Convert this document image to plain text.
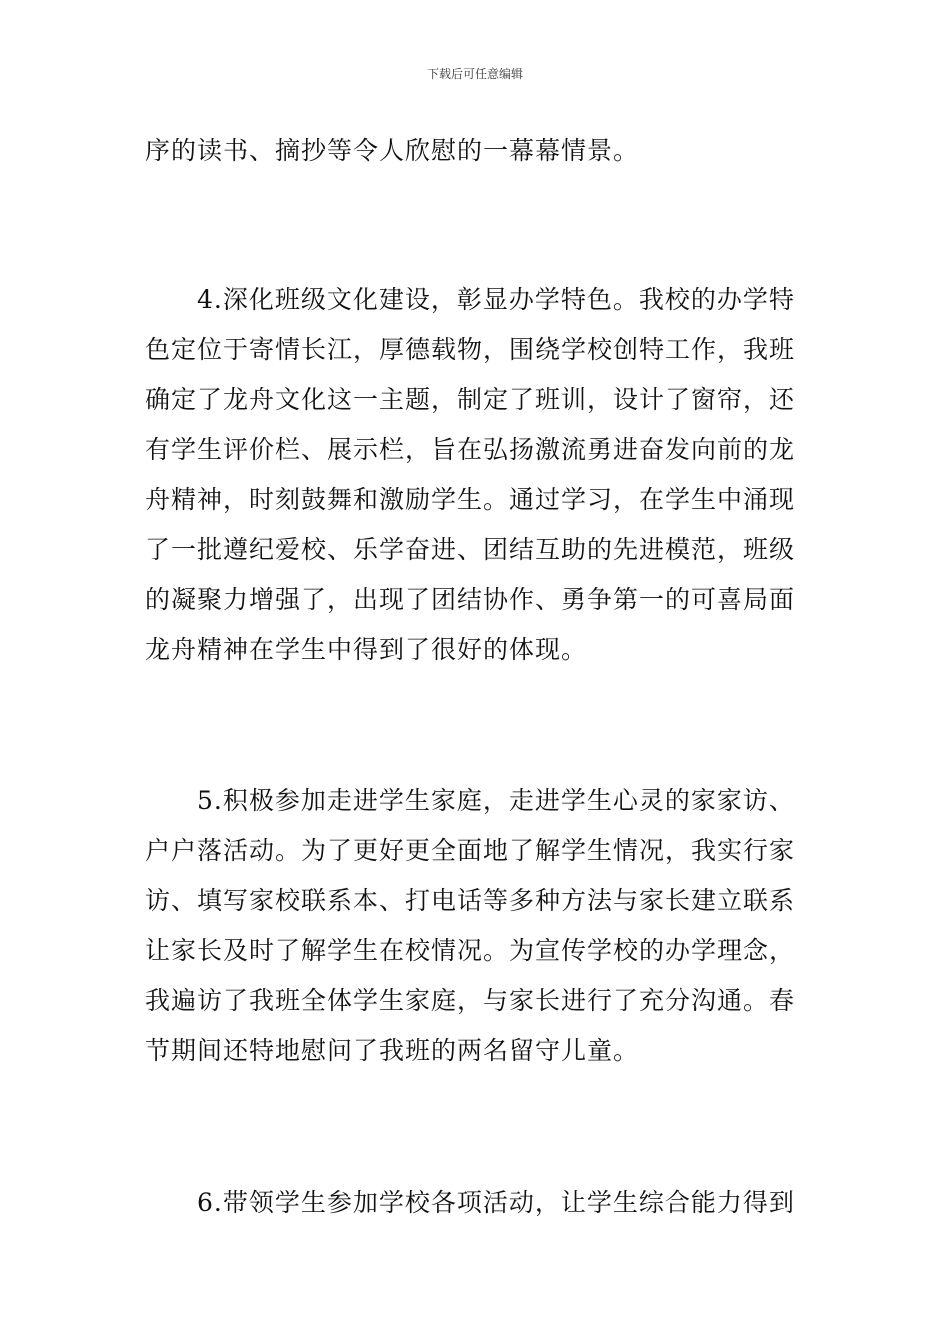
下载后可任意编辑
序的读书、摘抄等令人欣慰的一幕幕情景。
4.深化班级文化建设，彰显办学特色。我校的办学特
色定位于寄情长江，厚德载物，围绕学校创特工作，我班
确定了龙舟文化这一主题，制定了班训，设计了窗帘，还
有学生评价栏、展示栏，旨在弘扬激流勇进奋发向前的龙
舟精神，时刻鼓舞和激励学生。通过学习，在学生中涌现
了一批遵纪爱校、乐学奋进、团结互助的先进模范，班级
的凝聚力增强了，出现了团结协作、勇争第一的可喜局面
龙舟精神在学生中得到了很好的体现。
5.积极参加走进学生家庭，走进学生心灵的家家访、
户户落活动。为了更好更全面地了解学生情况，我实行家
访、填写家校联系本、打电话等多种方法与家长建立联系
让家长及时了解学生在校情况。为宣传学校的办学理念，
我遍访了我班全体学生家庭，与家长进行了充分沟通。春
节期间还特地慰问了我班的两名留守儿童。
6.带领学生参加学校各项活动，让学生综合能力得到
